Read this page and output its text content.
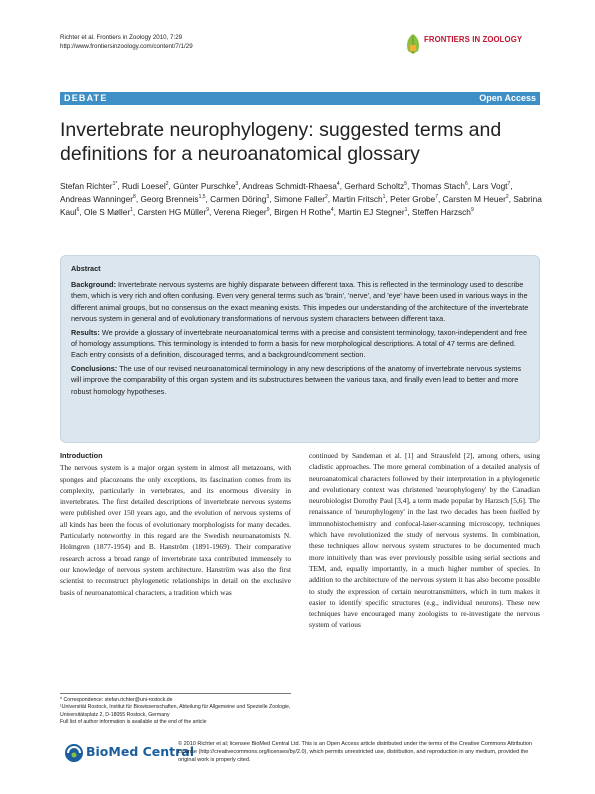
Richter et al. Frontiers in Zoology 2010, 7:29
http://www.frontiersinzoology.com/content/7/1/29
FRONTIERS IN ZOOLOGY
DEBATE	Open Access
Invertebrate neurophylogeny: suggested terms and definitions for a neuroanatomical glossary
Stefan Richter$^{1*}$, Rudi Loesel$^2$, Günter Purschke$^3$, Andreas Schmidt-Rhaesa$^4$, Gerhard Scholtz$^5$, Thomas Stach$^6$, Lars Vogt$^7$, Andreas Wanninger$^8$, Georg Brenneis$^{1,5}$, Carmen Döring$^3$, Simone Faller$^2$, Martin Fritsch$^1$, Peter Grobe$^7$, Carsten M Heuer$^2$, Sabrina Kaul$^6$, Ole S Møller$^1$, Carsten HG Müller$^9$, Verena Rieger$^9$, Birgen H Rothe$^4$, Martin EJ Stegner$^1$, Steffen Harzsch$^9$
Abstract

Background: Invertebrate nervous systems are highly disparate between different taxa. This is reflected in the terminology used to describe them, which is very rich and often confusing. Even very general terms such as 'brain', 'nerve', and 'eye' have been used in various ways in the different animal groups, but no consensus on the exact meaning exists. This impedes our understanding of the architecture of the invertebrate nervous system in general and of evolutionary transformations of nervous system characters between different taxa.

Results: We provide a glossary of invertebrate neuroanatomical terms with a precise and consistent terminology, taxon-independent and free of homology assumptions. This terminology is intended to form a basis for new morphological descriptions. A total of 47 terms are defined. Each entry consists of a definition, discouraged terms, and a background/comment section.

Conclusions: The use of our revised neuroanatomical terminology in any new descriptions of the anatomy of invertebrate nervous systems will improve the comparability of this organ system and its substructures between the various taxa, and finally even lead to better and more robust homology hypotheses.

Introduction
The nervous system is a major organ system in almost all metazoans, with sponges and placozoans the only exceptions, its fascination comes from its complexity, particularly in vertebrates, and its enormous diversity in invertebrates. The first detailed descriptions of invertebrate nervous systems were published over 150 years ago, and the evolution of nervous systems of all kinds has been the focus of evolutionary morphologists for many decades. Particularly noteworthy in this regard are the Swedish neuroanatomists N. Holmgren (1877-1954) and B. Hanström (1891-1969). Their comparative research across a broad range of invertebrate taxa contributed immensely to our knowledge of nervous system architecture. Hanström was also the first scientist to reconstruct phylogenetic relationships in detail on the exclusive basis of neuroanatomical characters, a tradition which was
continued by Sandeman et al. [1] and Strausfeld [2], among others, using cladistic approaches. The more general combination of a detailed analysis of neuroanatomical characters followed by their interpretation in a phylogenetic and evolutionary context was christened 'neurophylogeny' by the Canadian neurobiologist Dorothy Paul [3,4], a term made popular by Harzsch [5,6]. The renaissance of 'neurophylogeny' in the last two decades has been fuelled by immunohistochemistry and confocal-laser-scanning microscopy, techniques which have revolutionized the study of nervous systems. In combination, these techniques allow nervous system structures to be documented much more intuitively than was ever previously possible using serial sections and TEM, and, equally importantly, in a much higher number of species. In addition to the architecture of the nervous system it has also become possible to study the expression of certain neurotransmitters, which in turn makes it easier to identify specific structures (e.g., individual neurons). These new techniques have encouraged many zoologists to re-investigate the nervous system of various
* Correspondence: stefan.richter@uni-rostock.de
¹Universität Rostock, Institut für Biowissenschaften, Abteilung für Allgemeine und Spezielle Zoologie, Universitätsplatz 2, D-18055 Rostock, Germany
Full list of author information is available at the end of the article
BioMed Central
© 2010 Richter et al; licensee BioMed Central Ltd. This is an Open Access article distributed under the terms of the Creative Commons Attribution License (http://creativecommons.org/licenses/by/2.0), which permits unrestricted use, distribution, and reproduction in any medium, provided the original work is properly cited.
